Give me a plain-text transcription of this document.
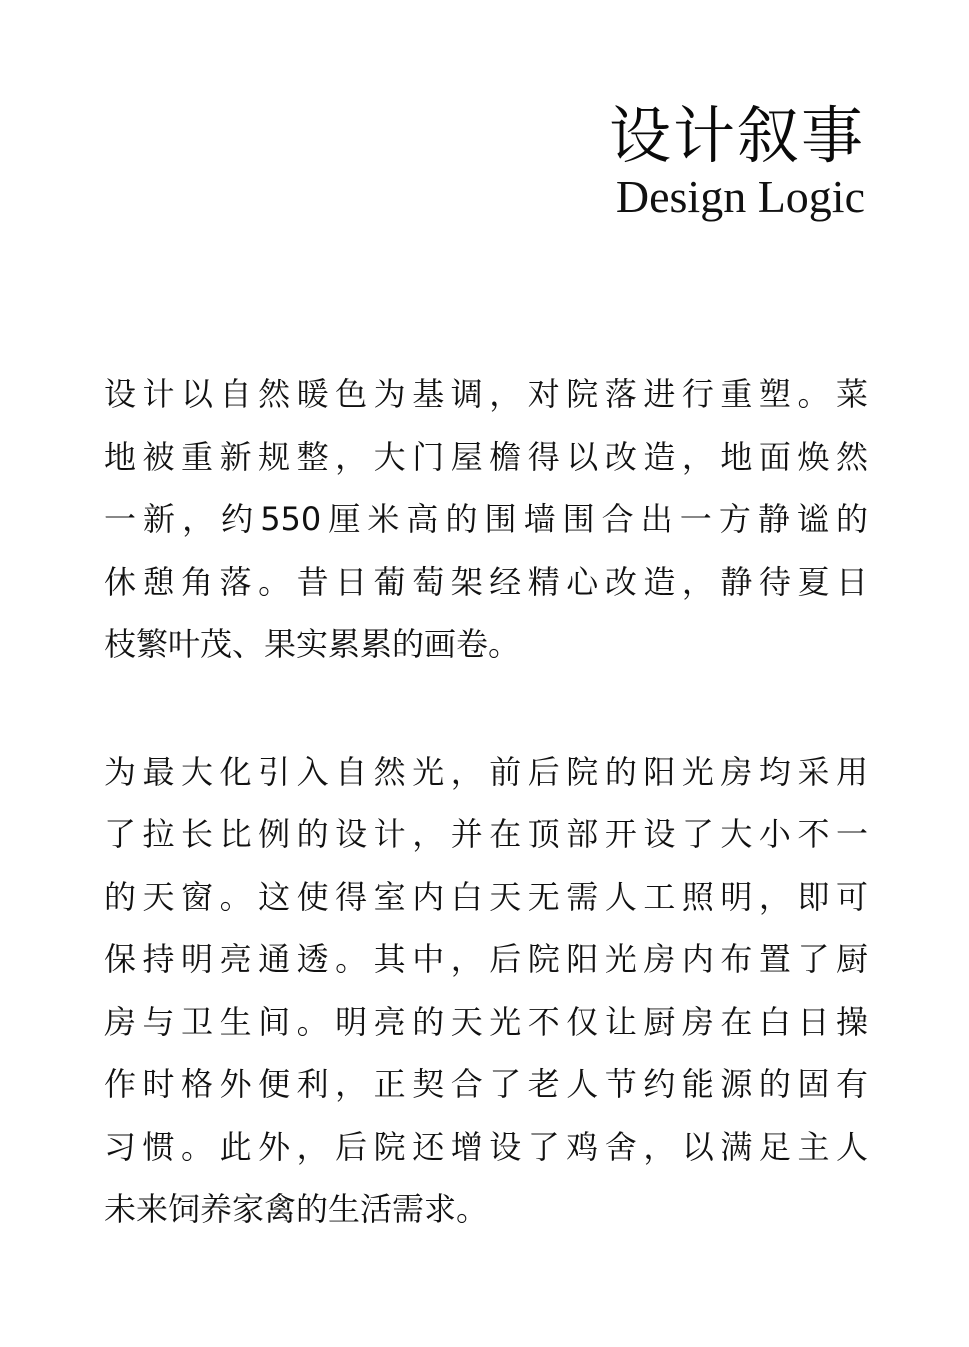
设计叙事
Design Logic
设计以自然暖色为基调，对院落进行重塑。菜
地被重新规整，大门屋檐得以改造，地面焕然
一新，约550厘米高的围墙围合出一方静谧的
休憩角落。昔日葡萄架经精心改造，静待夏日
枝繁叶茂、果实累累的画卷。
为最大化引入自然光，前后院的阳光房均采用
了拉长比例的设计，并在顶部开设了大小不一
的天窗。这使得室内白天无需人工照明，即可
保持明亮通透。其中，后院阳光房内布置了厨
房与卫生间。明亮的天光不仅让厨房在白日操
作时格外便利，正契合了老人节约能源的固有
习惯。此外，后院还增设了鸡舍，以满足主人
未来饲养家禽的生活需求。
